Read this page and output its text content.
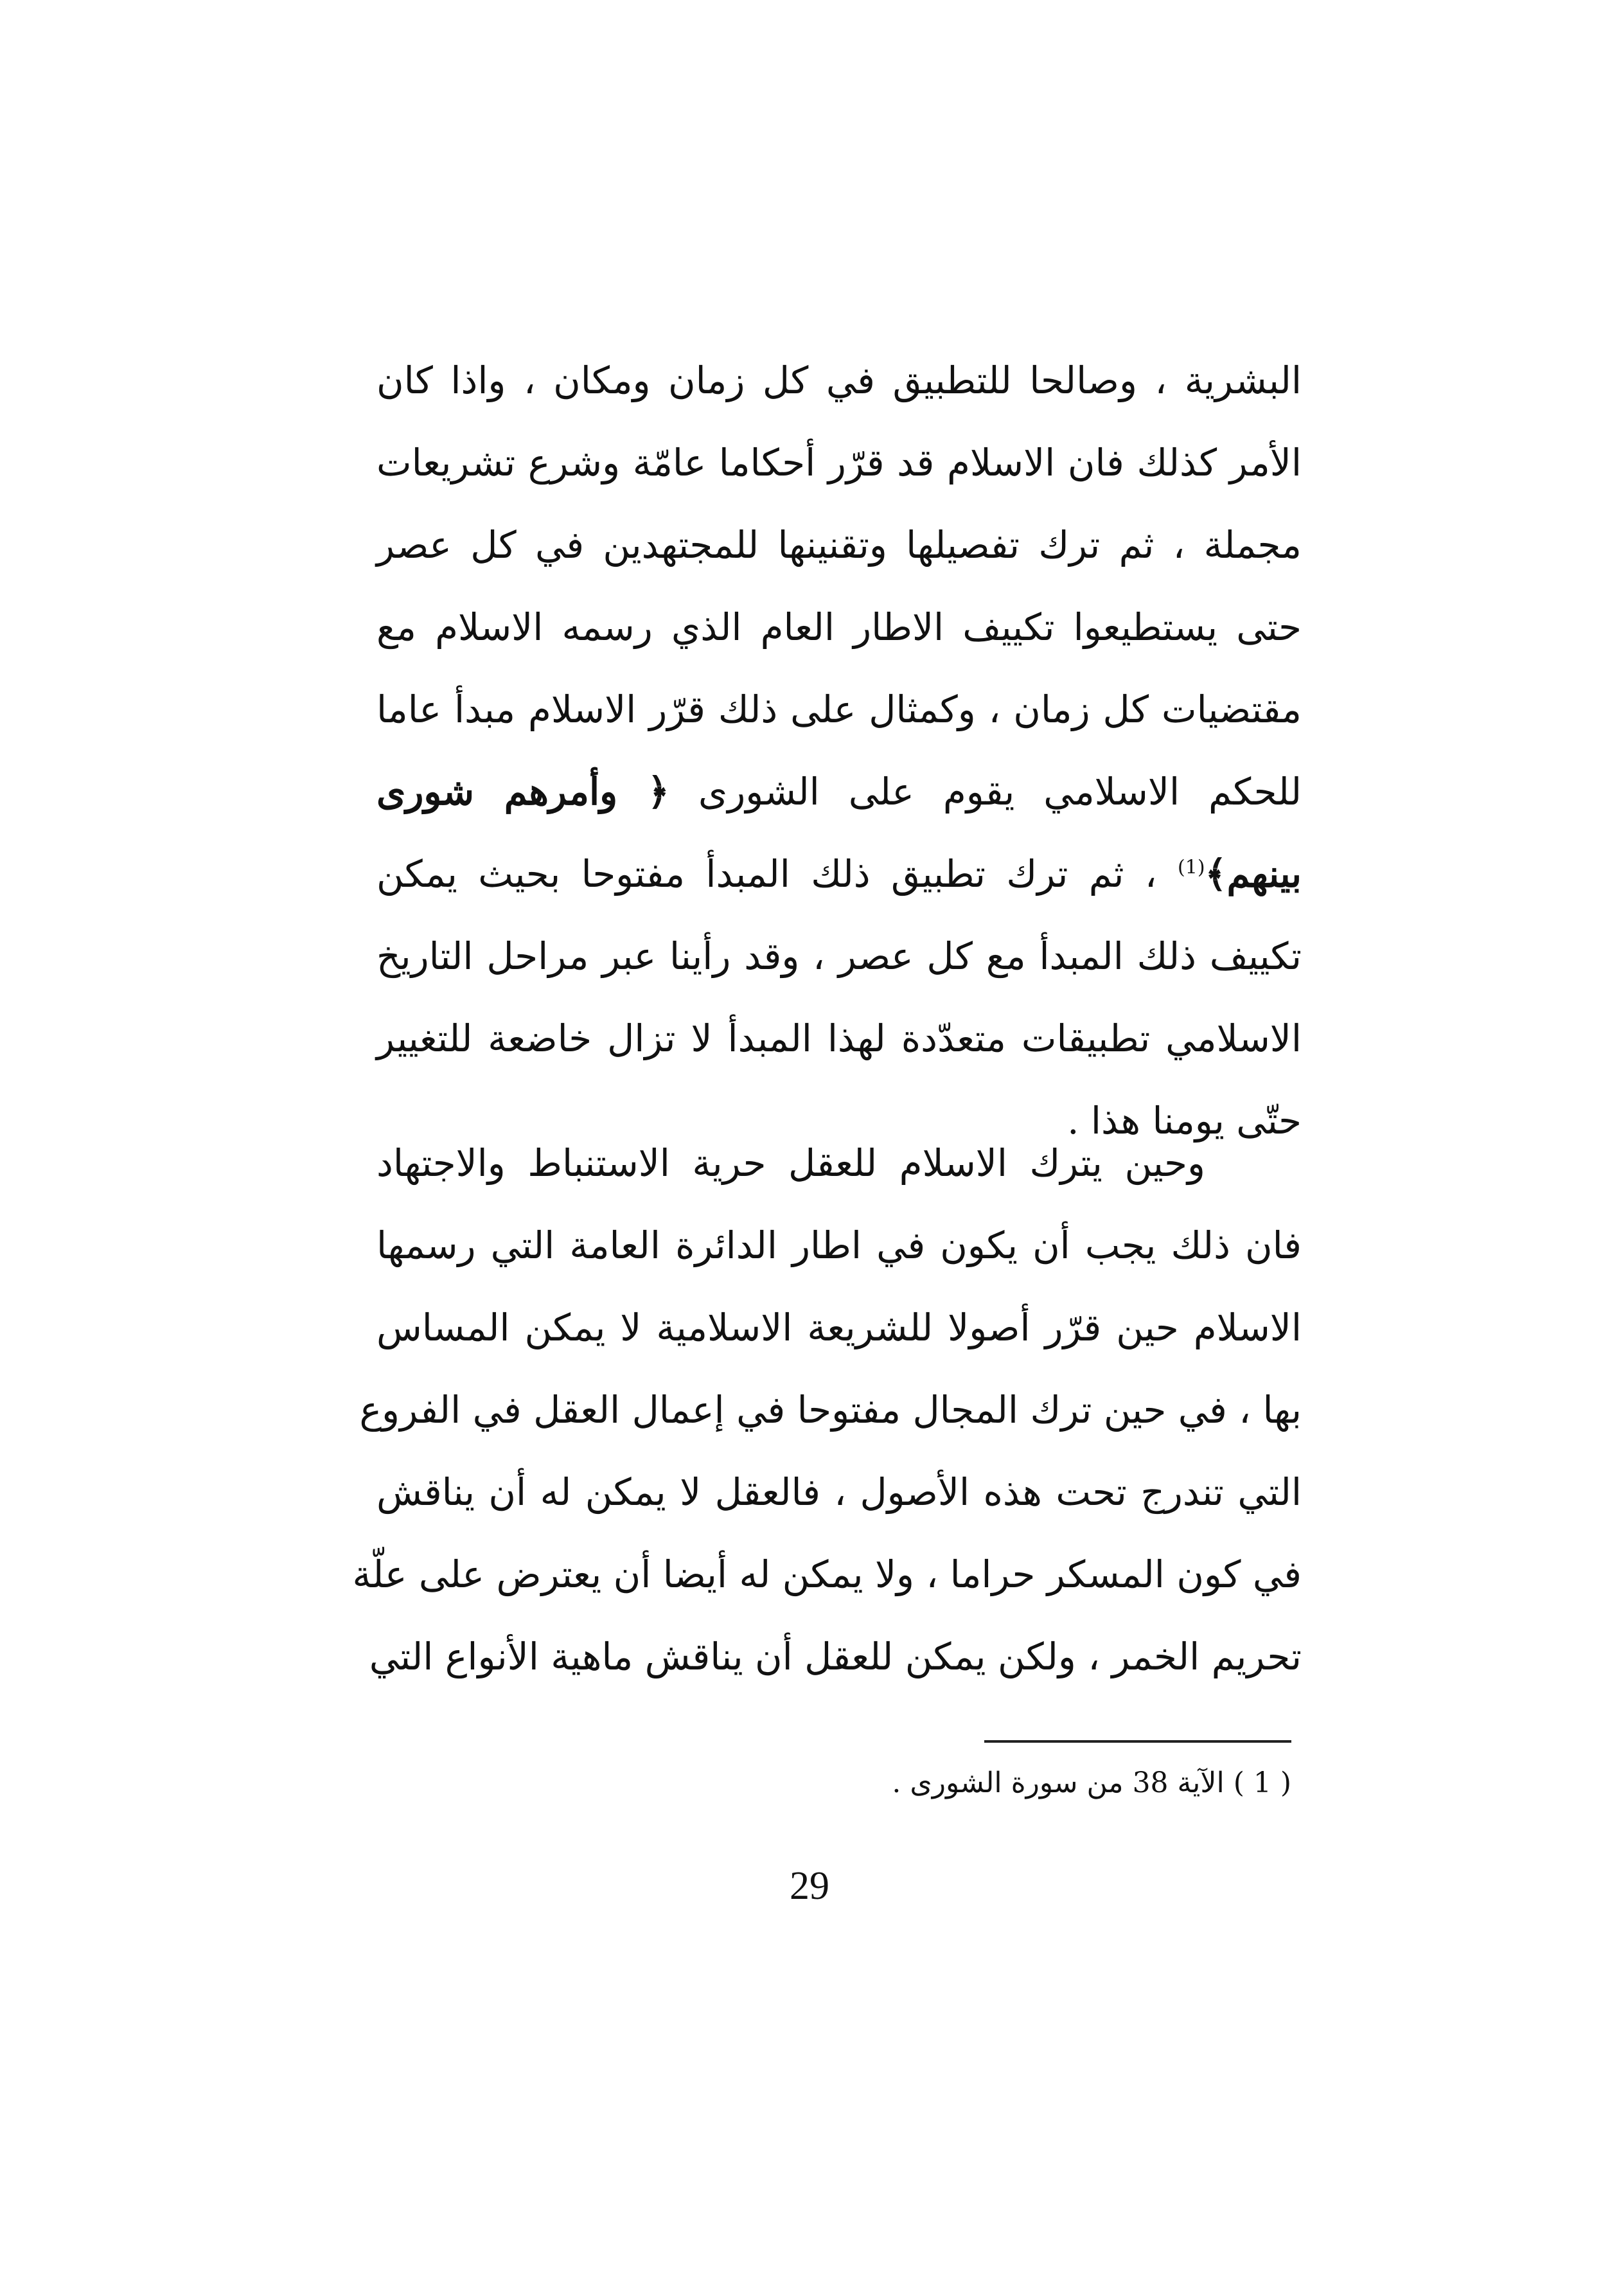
البشرية ، وصالحا للتطبيق في كل زمان ومكان ، واذا كان
الأمر كذلك فان الاسلام قد قرّر أحكاما عامّة وشرع تشريعات
مجملة ، ثم ترك تفصيلها وتقنينها للمجتهدين في كل عصر
حتى يستطيعوا تكييف الاطار العام الذي رسمه الاسلام مع
مقتضيات كل زمان ، وكمثال على ذلك قرّر الاسلام مبدأ عاما
للحكم الاسلامي يقوم على الشورى ﴿ وأمرهم شورى
بينهم﴾$^{(1)}$ ، ثم ترك تطبيق ذلك المبدأ مفتوحا بحيث يمكن
تكييف ذلك المبدأ مع كل عصر ، وقد رأينا عبر مراحل التاريخ
الاسلامي تطبيقات متعدّدة لهذا المبدأ لا تزال خاضعة للتغيير
حتّى يومنا هذا .
وحين يترك الاسلام للعقل حرية الاستنباط والاجتهاد
فان ذلك يجب أن يكون في اطار الدائرة العامة التي رسمها
الاسلام حين قرّر أصولا للشريعة الاسلامية لا يمكن المساس
بها ، في حين ترك المجال مفتوحا في إعمال العقل في الفروع
التي تندرج تحت هذه الأصول ، فالعقل لا يمكن له أن يناقش
في كون المسكر حراما ، ولا يمكن له أيضا أن يعترض على علّة
تحريم الخمر ، ولكن يمكن للعقل أن يناقش ماهية الأنواع التي
( 1 ) الآية 38 من سورة الشورى .
29
